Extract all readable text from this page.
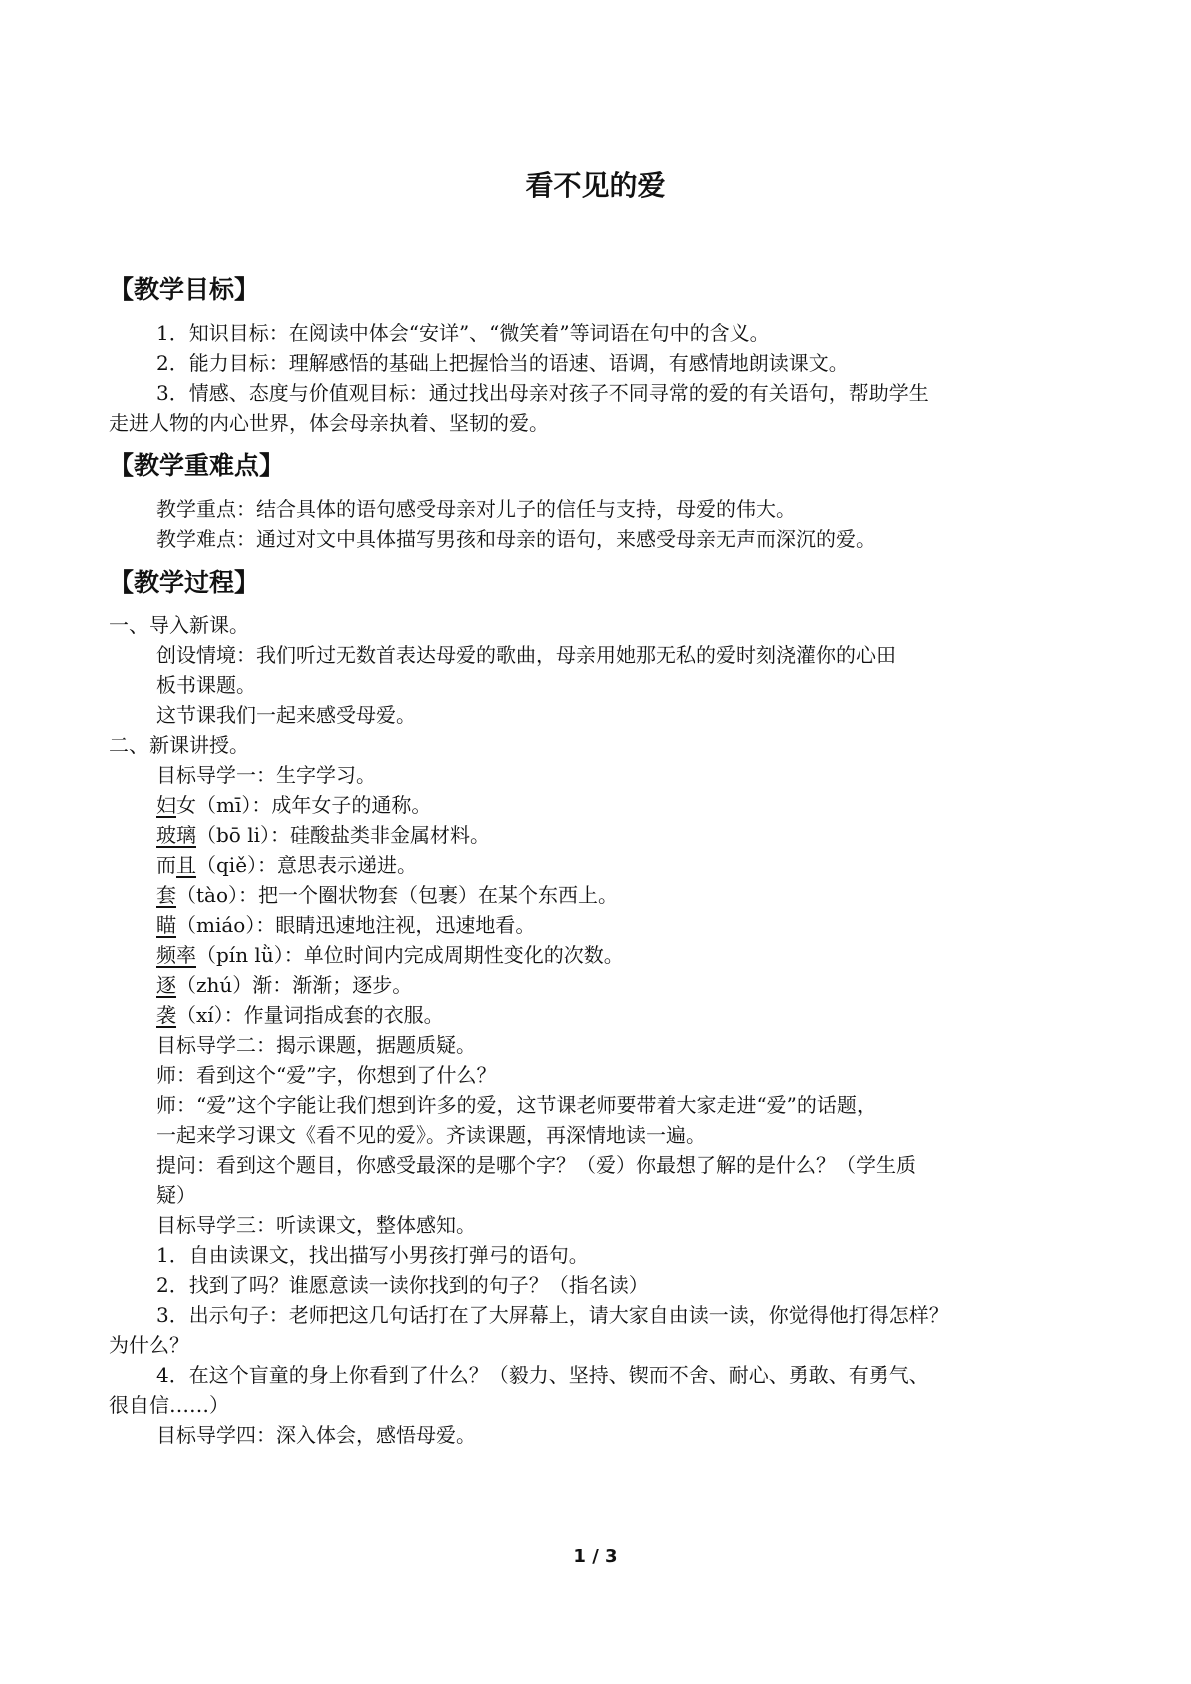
看不见的爱
【教学目标】
1．知识目标：在阅读中体会“安详”、“微笑着”等词语在句中的含义。
2．能力目标：理解感悟的基础上把握恰当的语速、语调，有感情地朗读课文。
3．情感、态度与价值观目标：通过找出母亲对孩子不同寻常的爱的有关语句，帮助学生
走进人物的内心世界，体会母亲执着、坚韧的爱。
【教学重难点】
教学重点：结合具体的语句感受母亲对儿子的信任与支持，母爱的伟大。
教学难点：通过对文中具体描写男孩和母亲的语句，来感受母亲无声而深沉的爱。
【教学过程】
一、导入新课。
创设情境：我们听过无数首表达母爱的歌曲，母亲用她那无私的爱时刻浇灌你的心田
板书课题。
这节课我们一起来感受母爱。
二、新课讲授。
目标导学一：生字学习。
妇女（mī）：成年女子的通称。
玻璃（bō li）：硅酸盐类非金属材料。
而且（qiě）：意思表示递进。
套（tào）：把一个圈状物套（包裹）在某个东西上。
瞄（miáo）：眼睛迅速地注视，迅速地看。
频率（pín lǜ）：单位时间内完成周期性变化的次数。
逐（zhú）渐：渐渐；逐步。
袭（xí）：作量词指成套的衣服。
目标导学二：揭示课题，据题质疑。
师：看到这个“爱”字，你想到了什么？
师：“爱”这个字能让我们想到许多的爱，这节课老师要带着大家走进“爱”的话题，
一起来学习课文《看不见的爱》。齐读课题，再深情地读一遍。
提问：看到这个题目，你感受最深的是哪个字？（爱）你最想了解的是什么？（学生质
疑）
目标导学三：听读课文，整体感知。
1．自由读课文，找出描写小男孩打弹弓的语句。
2．找到了吗？谁愿意读一读你找到的句子？（指名读）
3．出示句子：老师把这几句话打在了大屏幕上，请大家自由读一读，你觉得他打得怎样？
为什么？
4．在这个盲童的身上你看到了什么？（毅力、坚持、锲而不舍、耐心、勇敢、有勇气、
很自信……）
目标导学四：深入体会，感悟母爱。
1 / 3
